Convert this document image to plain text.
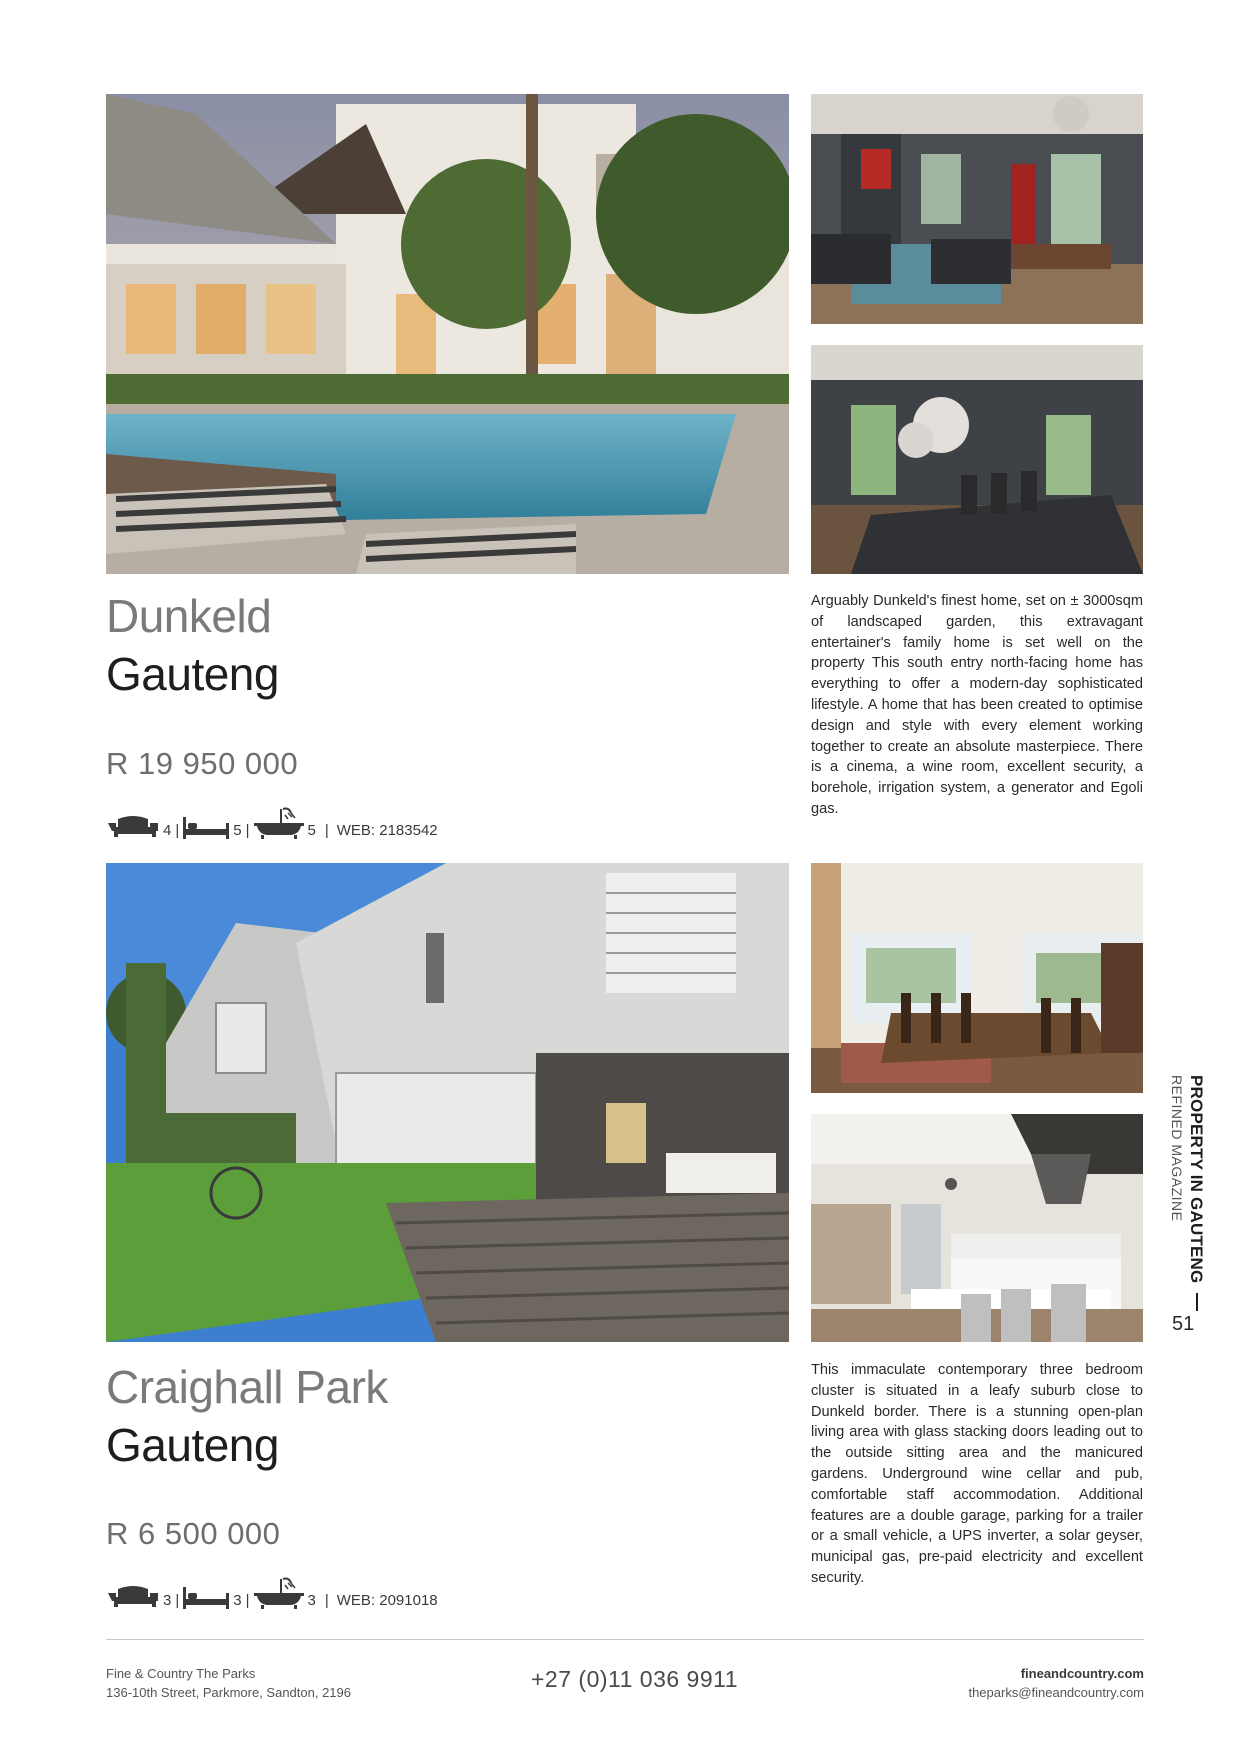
Dunkeld
Gauteng
R 19 950 000
4 |	5 |	5 | WEB: 2183542

Arguably Dunkeld's finest home, set on ± 3000sqm of landscaped garden, this extravagant entertainer's family home is set well on the property This south entry north-facing home has everything to offer a modern-day sophisticated lifestyle. A home that has been created to optimise design and style with every element working together to create an absolute masterpiece. There is a cinema, a wine room, excellent security, a borehole, irrigation system, a generator and Egoli gas.

Craighall Park
Gauteng
R 6 500 000
3 |	3 |	3 | WEB: 2091018

This immaculate contemporary three bedroom cluster is situated in a leafy suburb close to Dunkeld border. There is a stunning open-plan living area with glass stacking doors leading out to the outside sitting area and the manicured gardens. Underground wine cellar and pub, comfortable staff accommodation. Additional features are a double garage, parking for a trailer or a small vehicle, a UPS inverter, a solar geyser, municipal gas, pre-paid electricity and excellent security.

PROPERTY IN GAUTENG
REFINED MAGAZINE
51
Fine & Country The Parks
136-10th Street, Parkmore, Sandton, 2196
+27 (0)11 036 9911	fineandcountry.com
theparks@fineandcountry.com
